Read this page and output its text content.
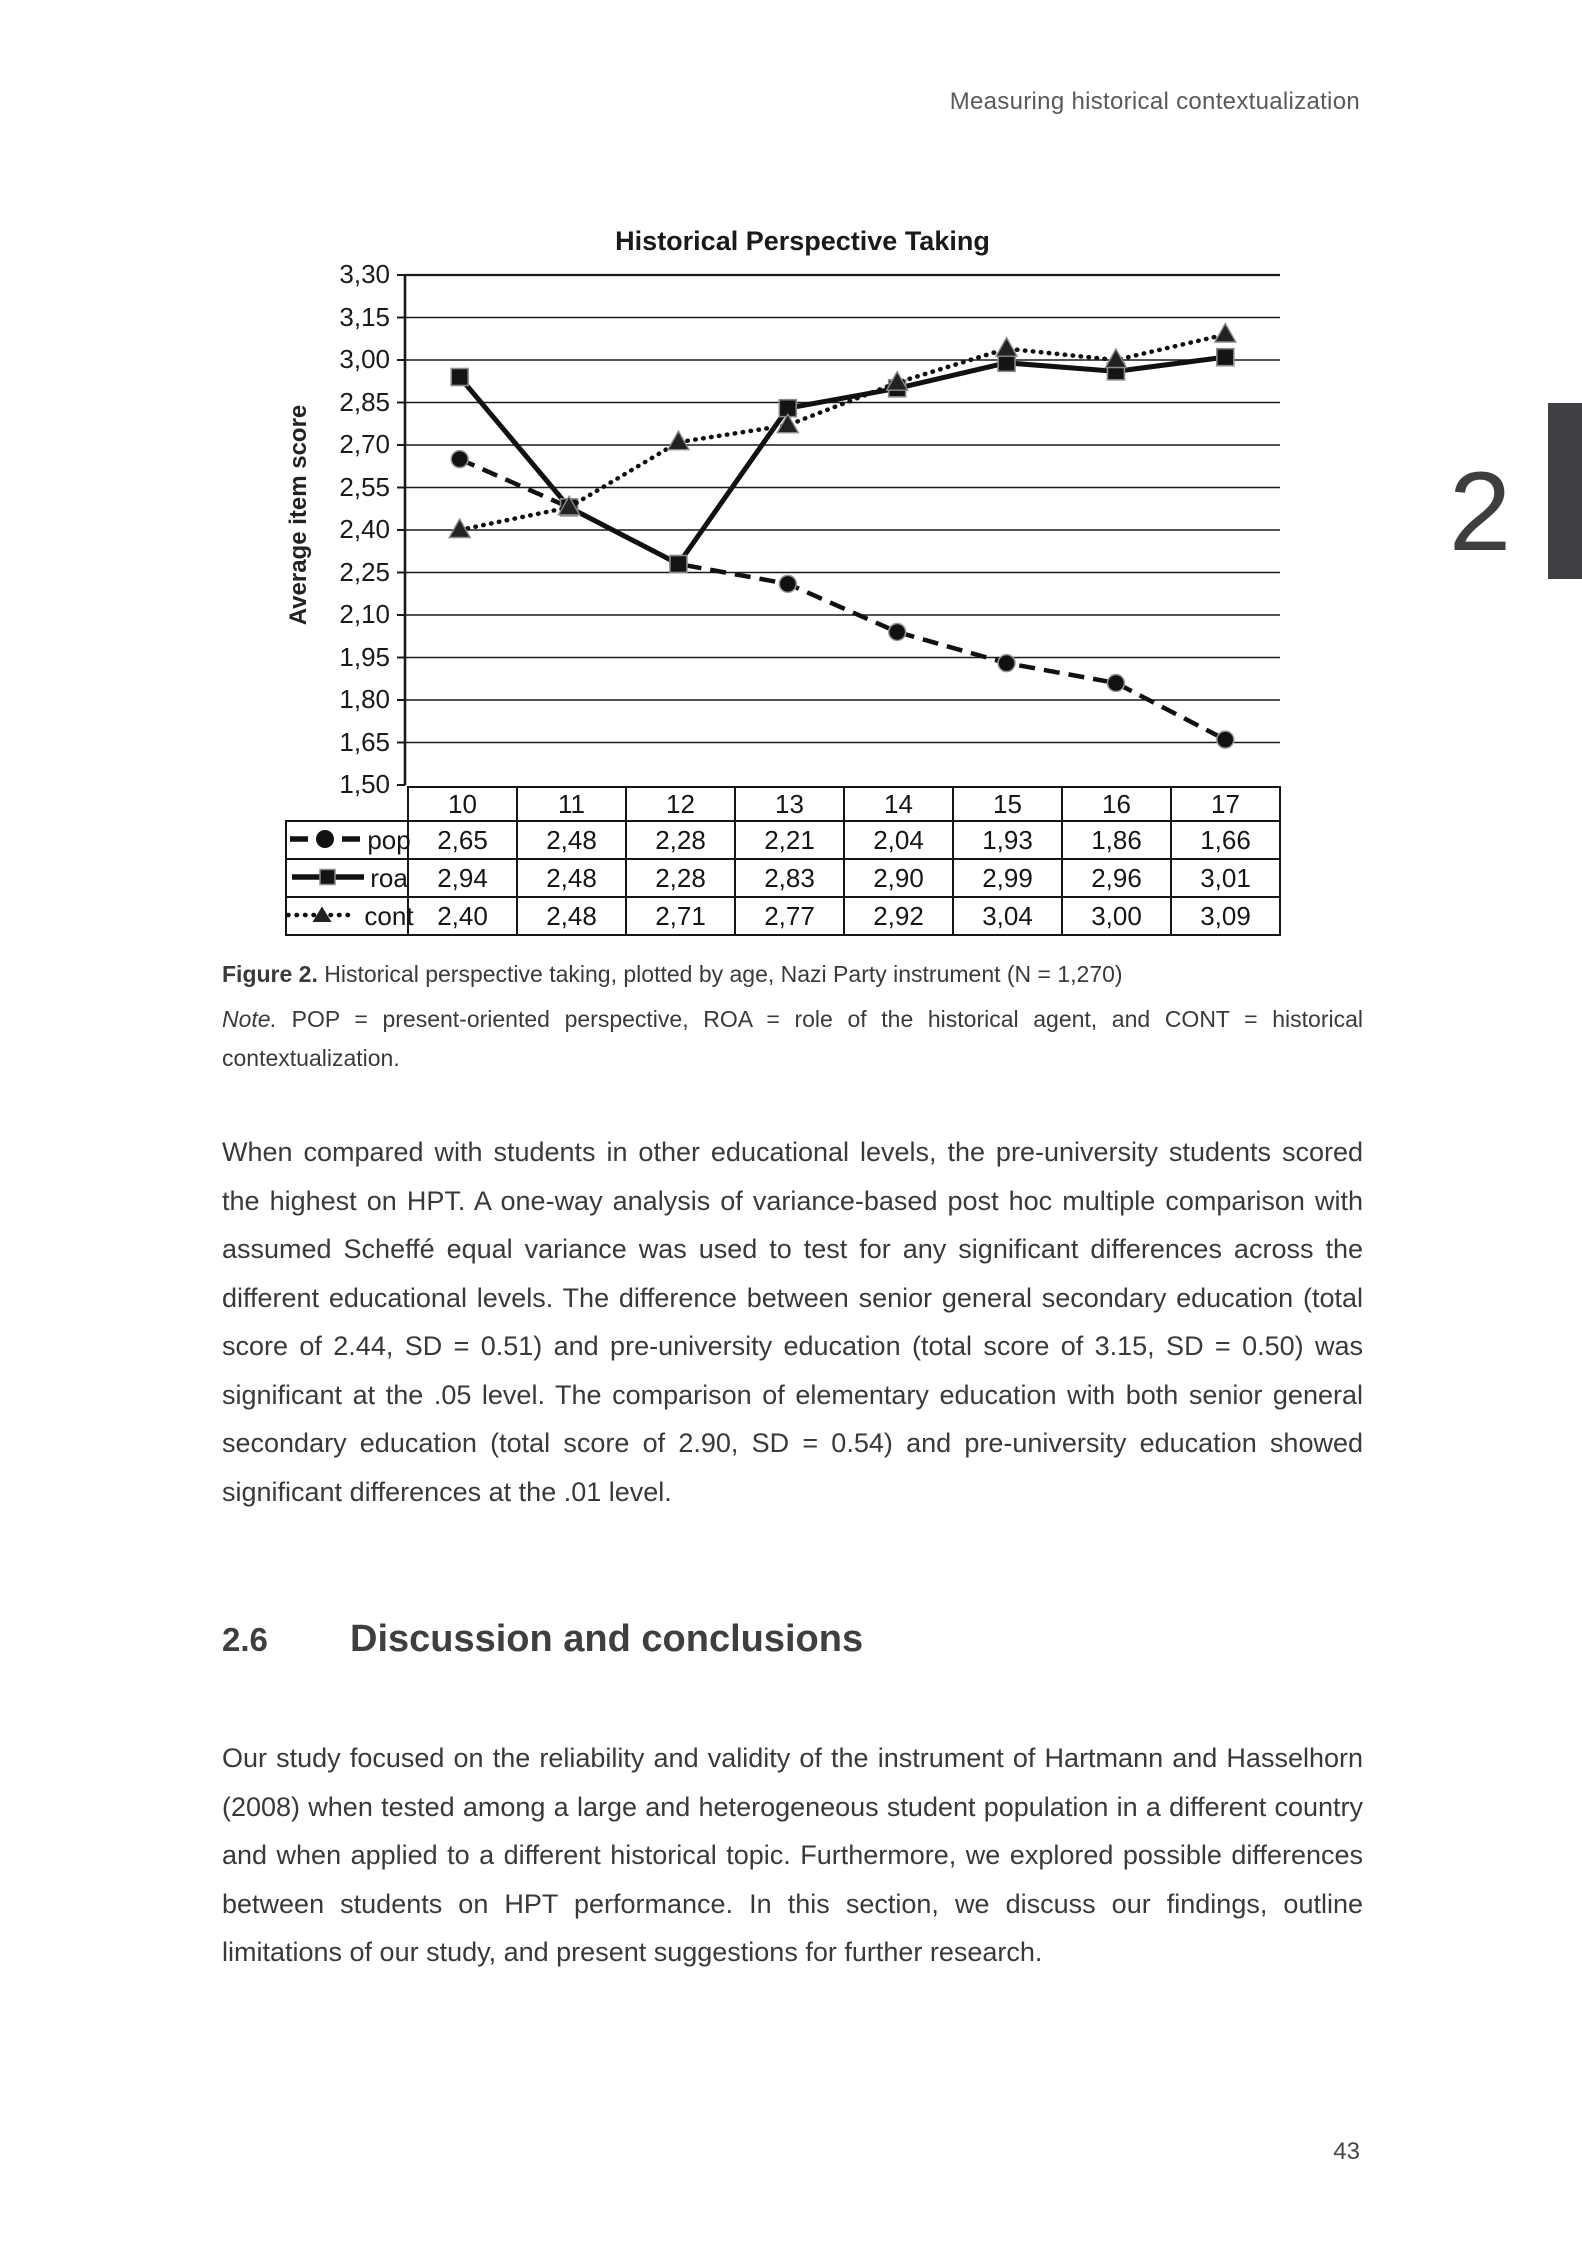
Measuring historical contextualization
Historical Perspective Taking
Average item score
3,30
3,15
3,00
2,85
2,70
2,55
2,40
2,25
2,10
1,95
1,80
1,65
1,50
	10	11	12	13	14	15	16	17

pop	2,65	2,48	2,28	2,21	2,04	1,93	1,86	1,66

roa	2,94	2,48	2,28	2,83	2,90	2,99	2,96	3,01

cont	2,40	2,48	2,71	2,77	2,92	3,04	3,00	3,09
Figure 2. Historical perspective taking, plotted by age, Nazi Party instrument (N = 1,270)
Note. POP = present-oriented perspective, ROA = role of the historical agent, and CONT = historical contextualization.
When compared with students in other educational levels, the pre-university students scored the highest on HPT. A one-way analysis of variance-based post hoc multiple comparison with assumed Scheffé equal variance was used to test for any significant differences across the different educational levels. The difference between senior general secondary education (total score of 2.44, SD = 0.51) and pre-university education (total score of 3.15, SD = 0.50) was significant at the .05 level. The comparison of elementary education with both senior general secondary education (total score of 2.90, SD = 0.54) and pre-university education showed significant differences at the .01 level.
2.6	Discussion and conclusions
Our study focused on the reliability and validity of the instrument of Hartmann and Hasselhorn (2008) when tested among a large and heterogeneous student population in a different country and when applied to a different historical topic. Furthermore, we explored possible differences between students on HPT performance. In this section, we discuss our findings, outline limitations of our study, and present suggestions for further research.
2
43
